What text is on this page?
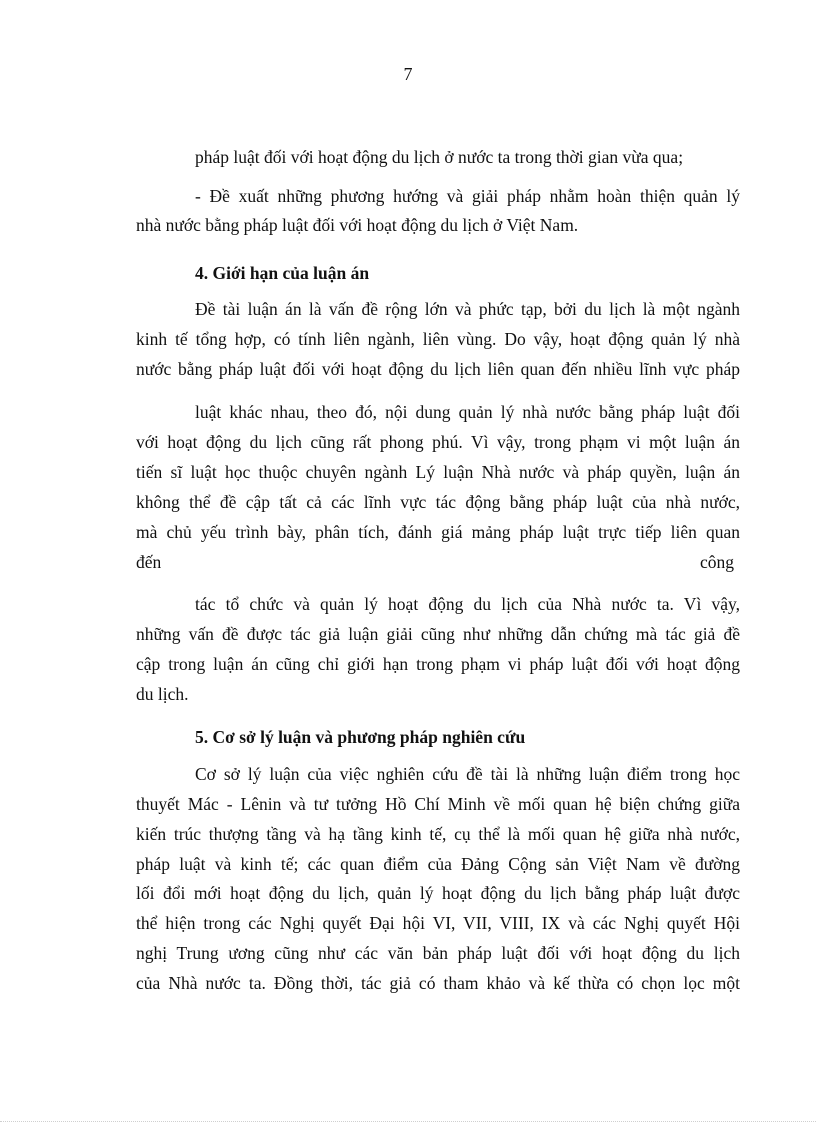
7
pháp luật đối với hoạt động du lịch ở nước ta trong thời gian vừa qua;
- Đề xuất những phương hướng và giải pháp nhằm hoàn thiện quản lý
nhà nước bằng pháp luật đối với hoạt động du lịch ở Việt Nam.
4. Giới hạn của luận án
Đề tài luận án là vấn đề rộng lớn và phức tạp, bởi du lịch là một ngành
kinh tế tổng hợp, có tính liên ngành, liên vùng. Do vậy, hoạt động quản lý nhà
nước bằng pháp luật đối với hoạt động du lịch liên quan đến nhiều lĩnh vực pháp
luật khác nhau, theo đó, nội dung quản lý nhà nước bằng pháp luật đối
với hoạt động du lịch cũng rất phong phú. Vì vậy, trong phạm vi một luận án
tiến sĩ luật học thuộc chuyên ngành Lý luận Nhà nước và pháp quyền, luận án
không thể đề cập tất cả các lĩnh vực tác động bằng pháp luật của nhà nước,
mà chủ yếu trình bày, phân tích, đánh giá mảng pháp luật trực tiếp liên quan
đến	công
tác tổ chức và quản lý hoạt động du lịch của Nhà nước ta. Vì vậy,
những vấn đề được tác giả luận giải cũng như những dẫn chứng mà tác giả đề
cập trong luận án cũng chỉ giới hạn trong phạm vi pháp luật đối với hoạt động
du lịch.
5. Cơ sở lý luận và phương pháp nghiên cứu
Cơ sở lý luận của việc nghiên cứu đề tài là những luận điểm trong học
thuyết Mác - Lênin và tư tưởng Hồ Chí Minh về mối quan hệ biện chứng giữa
kiến trúc thượng tầng và hạ tầng kinh tế, cụ thể là mối quan hệ giữa nhà nước,
pháp luật và kinh tế; các quan điểm của Đảng Cộng sản Việt Nam về đường
lối đổi mới hoạt động du lịch, quản lý hoạt động du lịch bằng pháp luật được
thể hiện trong các Nghị quyết Đại hội VI, VII, VIII, IX và các Nghị quyết Hội
nghị Trung ương cũng như các văn bản pháp luật đối với hoạt động du lịch
của Nhà nước ta. Đồng thời, tác giả có tham khảo và kế thừa có chọn lọc một
